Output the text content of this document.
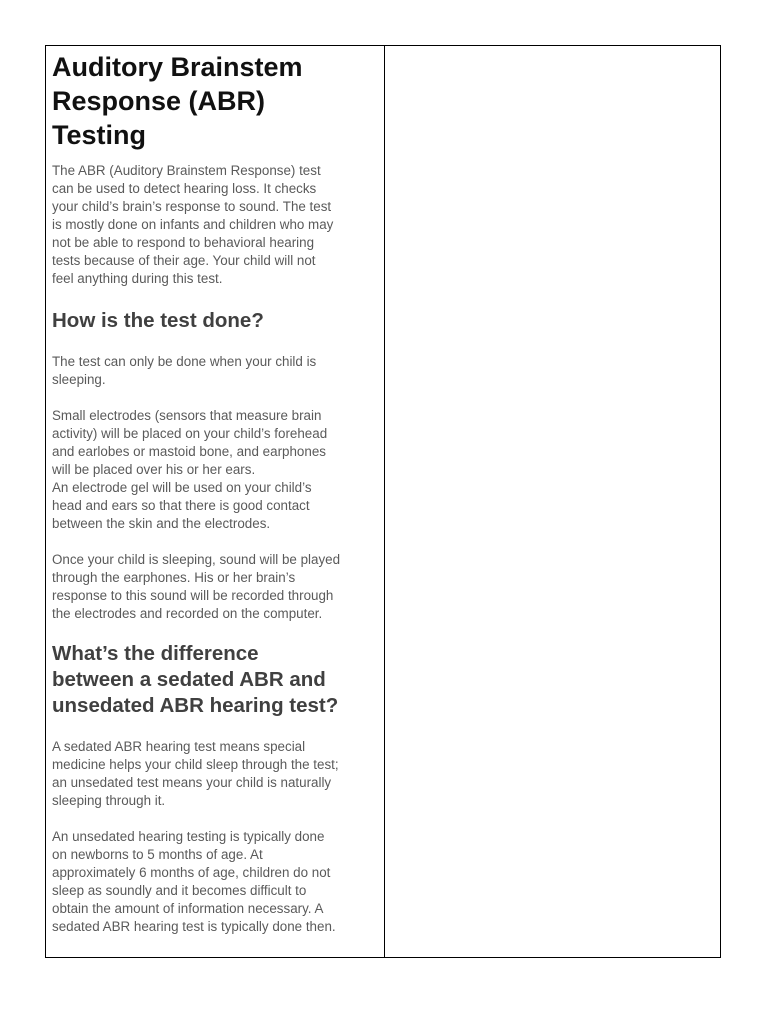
Auditory Brainstem
Response (ABR)
Testing

The ABR (Auditory Brainstem Response) test
can be used to detect hearing loss. It checks
your child’s brain’s response to sound. The test
is mostly done on infants and children who may
not be able to respond to behavioral hearing
tests because of their age. Your child will not
feel anything during this test.

How is the test done?

The test can only be done when your child is
sleeping.

Small electrodes (sensors that measure brain
activity) will be placed on your child’s forehead
and earlobes or mastoid bone, and earphones
will be placed over his or her ears.
An electrode gel will be used on your child’s
head and ears so that there is good contact
between the skin and the electrodes.

Once your child is sleeping, sound will be played
through the earphones. His or her brain’s
response to this sound will be recorded through
the electrodes and recorded on the computer.

What’s the difference
between a sedated ABR and
unsedated ABR hearing test?

A sedated ABR hearing test means special
medicine helps your child sleep through the test;
an unsedated test means your child is naturally
sleeping through it.

An unsedated hearing testing is typically done
on newborns to 5 months of age. At
approximately 6 months of age, children do not
sleep as soundly and it becomes difficult to
obtain the amount of information necessary. A
sedated ABR hearing test is typically done then.
